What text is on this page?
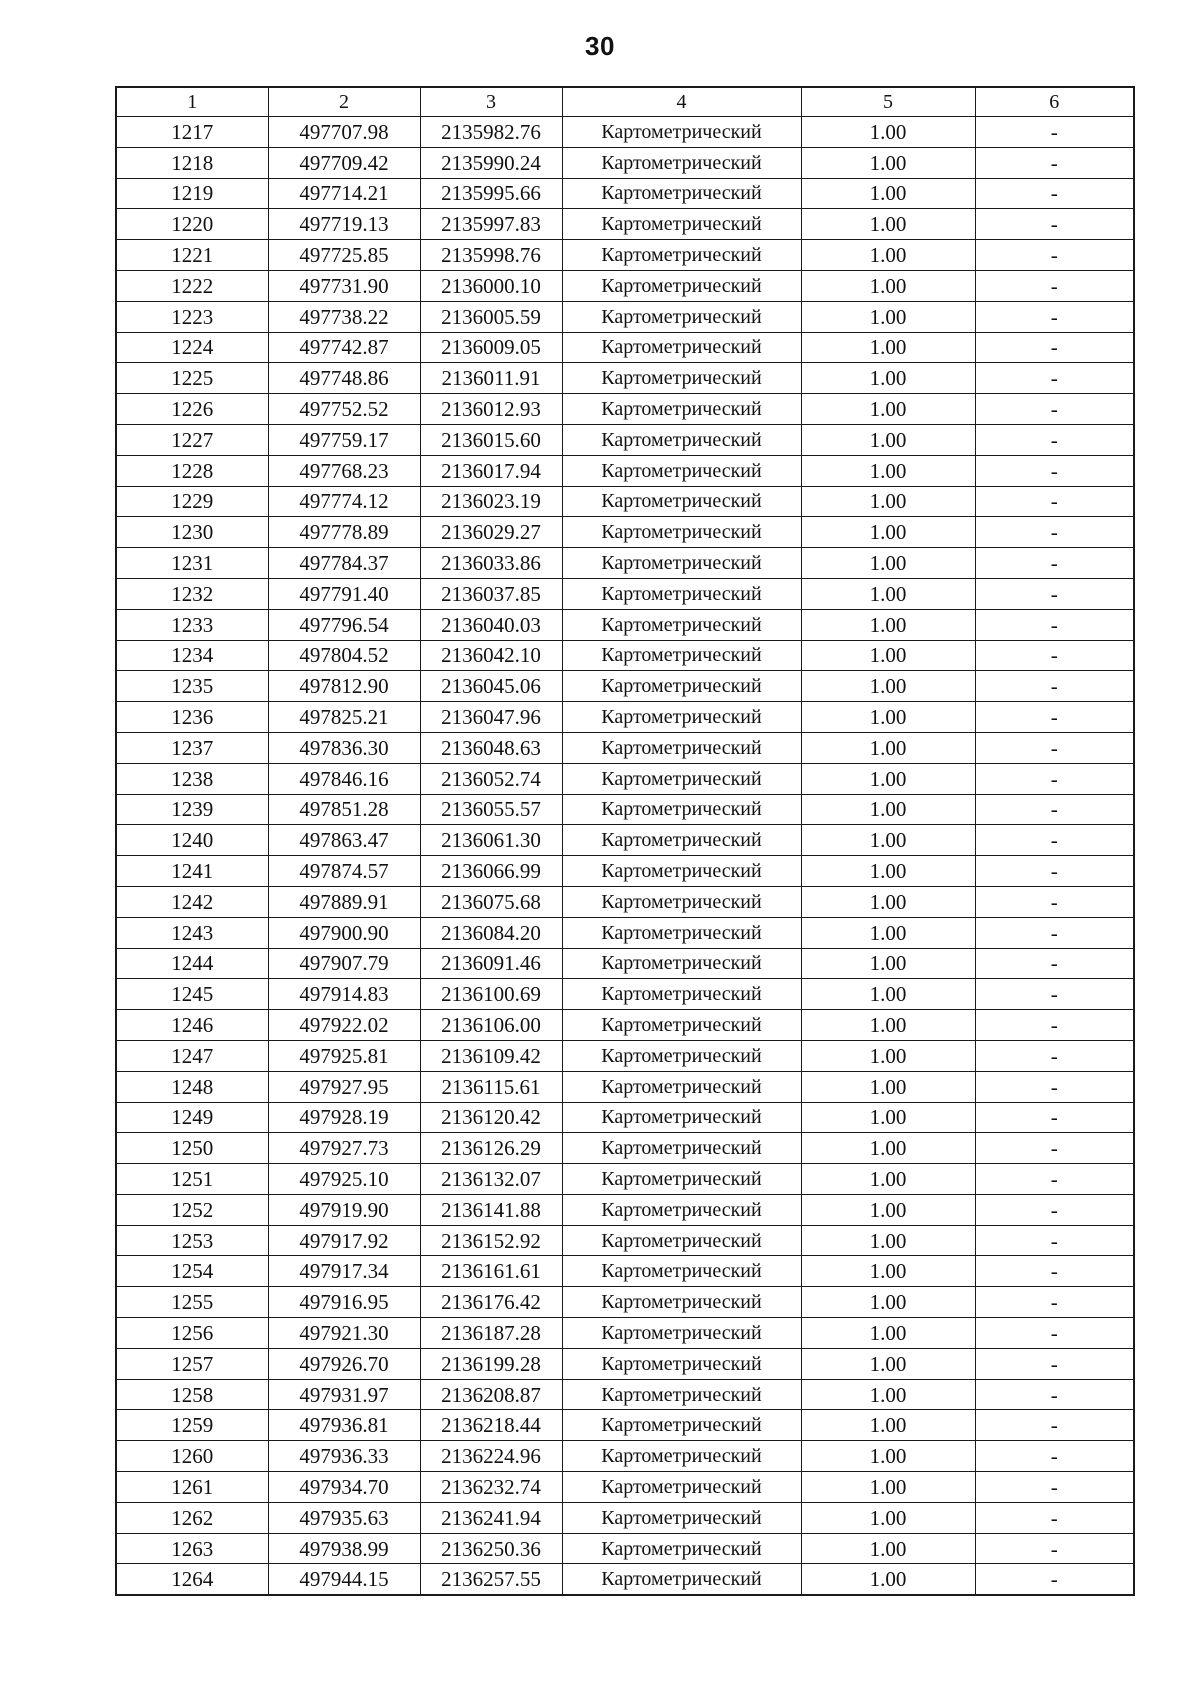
30
1	2	3	4	5	6
1217	497707.98	2135982.76	Картометрический	1.00	-
1218	497709.42	2135990.24	Картометрический	1.00	-
1219	497714.21	2135995.66	Картометрический	1.00	-
1220	497719.13	2135997.83	Картометрический	1.00	-
1221	497725.85	2135998.76	Картометрический	1.00	-
1222	497731.90	2136000.10	Картометрический	1.00	-
1223	497738.22	2136005.59	Картометрический	1.00	-
1224	497742.87	2136009.05	Картометрический	1.00	-
1225	497748.86	2136011.91	Картометрический	1.00	-
1226	497752.52	2136012.93	Картометрический	1.00	-
1227	497759.17	2136015.60	Картометрический	1.00	-
1228	497768.23	2136017.94	Картометрический	1.00	-
1229	497774.12	2136023.19	Картометрический	1.00	-
1230	497778.89	2136029.27	Картометрический	1.00	-
1231	497784.37	2136033.86	Картометрический	1.00	-
1232	497791.40	2136037.85	Картометрический	1.00	-
1233	497796.54	2136040.03	Картометрический	1.00	-
1234	497804.52	2136042.10	Картометрический	1.00	-
1235	497812.90	2136045.06	Картометрический	1.00	-
1236	497825.21	2136047.96	Картометрический	1.00	-
1237	497836.30	2136048.63	Картометрический	1.00	-
1238	497846.16	2136052.74	Картометрический	1.00	-
1239	497851.28	2136055.57	Картометрический	1.00	-
1240	497863.47	2136061.30	Картометрический	1.00	-
1241	497874.57	2136066.99	Картометрический	1.00	-
1242	497889.91	2136075.68	Картометрический	1.00	-
1243	497900.90	2136084.20	Картометрический	1.00	-
1244	497907.79	2136091.46	Картометрический	1.00	-
1245	497914.83	2136100.69	Картометрический	1.00	-
1246	497922.02	2136106.00	Картометрический	1.00	-
1247	497925.81	2136109.42	Картометрический	1.00	-
1248	497927.95	2136115.61	Картометрический	1.00	-
1249	497928.19	2136120.42	Картометрический	1.00	-
1250	497927.73	2136126.29	Картометрический	1.00	-
1251	497925.10	2136132.07	Картометрический	1.00	-
1252	497919.90	2136141.88	Картометрический	1.00	-
1253	497917.92	2136152.92	Картометрический	1.00	-
1254	497917.34	2136161.61	Картометрический	1.00	-
1255	497916.95	2136176.42	Картометрический	1.00	-
1256	497921.30	2136187.28	Картометрический	1.00	-
1257	497926.70	2136199.28	Картометрический	1.00	-
1258	497931.97	2136208.87	Картометрический	1.00	-
1259	497936.81	2136218.44	Картометрический	1.00	-
1260	497936.33	2136224.96	Картометрический	1.00	-
1261	497934.70	2136232.74	Картометрический	1.00	-
1262	497935.63	2136241.94	Картометрический	1.00	-
1263	497938.99	2136250.36	Картометрический	1.00	-
1264	497944.15	2136257.55	Картометрический	1.00	-
